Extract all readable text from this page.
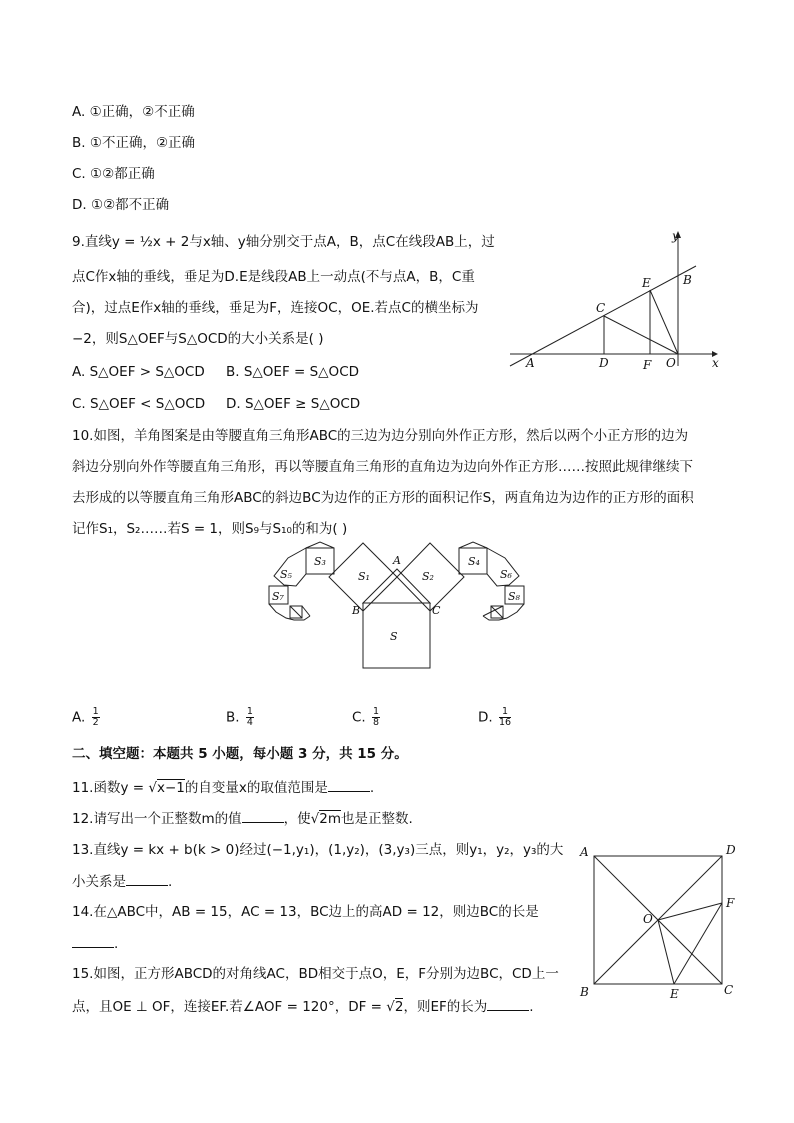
A. ①正确，②不正确
B. ①不正确，②正确
C. ①②都正确
D. ①②都不正确
9.直线y = ½x + 2与x轴、y轴分别交于点A，B，点C在线段AB上，过
点C作x轴的垂线，垂足为D.E是线段AB上一动点(不与点A，B，C重
合)，过点E作x轴的垂线，垂足为F，连接OC，OE.若点C的横坐标为
−2，则S△OEF与S△OCD的大小关系是( )
A. S△OEF > S△OCD B. S△OEF = S△OCD
C. S△OEF < S△OCD D. S△OEF ≥ S△OCD
y
x
A
B
C
D
E
F O
10.如图，羊角图案是由等腰直角三角形ABC的三边为边分别向外作正方形，然后以两个小正方形的边为
斜边分别向外作等腰直角三角形，再以等腰直角三角形的直角边为边向外作正方形……按照此规律继续下
去形成的以等腰直角三角形ABC的斜边BC为边作的正方形的面积记作S，两直角边为边作的正方形的面积
记作S₁，S₂……若S = 1，则S₉与S₁₀的和为( )
A
B	C
S
S₁	S₂
S₃	S₄
S₅	S₆
S₇	S₈
A. $\frac{1}{2}$	B. $\frac{1}{4}$	C. $\frac{1}{8}$	D. $\frac{1}{16}$
二、填空题：本题共 5 小题，每小题 3 分，共 15 分。
11.函数y = √x−1的自变量x的取值范围是	.
12.请写出一个正整数m的值	，使√2m也是正整数.
13.直线y = kx + b(k > 0)经过(−1,y₁)，(1,y₂)，(3,y₃)三点，则y₁，y₂，y₃的大
小关系是	.
14.在△ABC中，AB = 15，AC = 13，BC边上的高AD = 12，则边BC的长是
.
15.如图，正方形ABCD的对角线AC，BD相交于点O，E，F分别为边BC，CD上一
点，且OE ⊥ OF，连接EF.若∠AOF = 120°，DF = √2，则EF的长为	.
A	D
B	C
E
F
O
